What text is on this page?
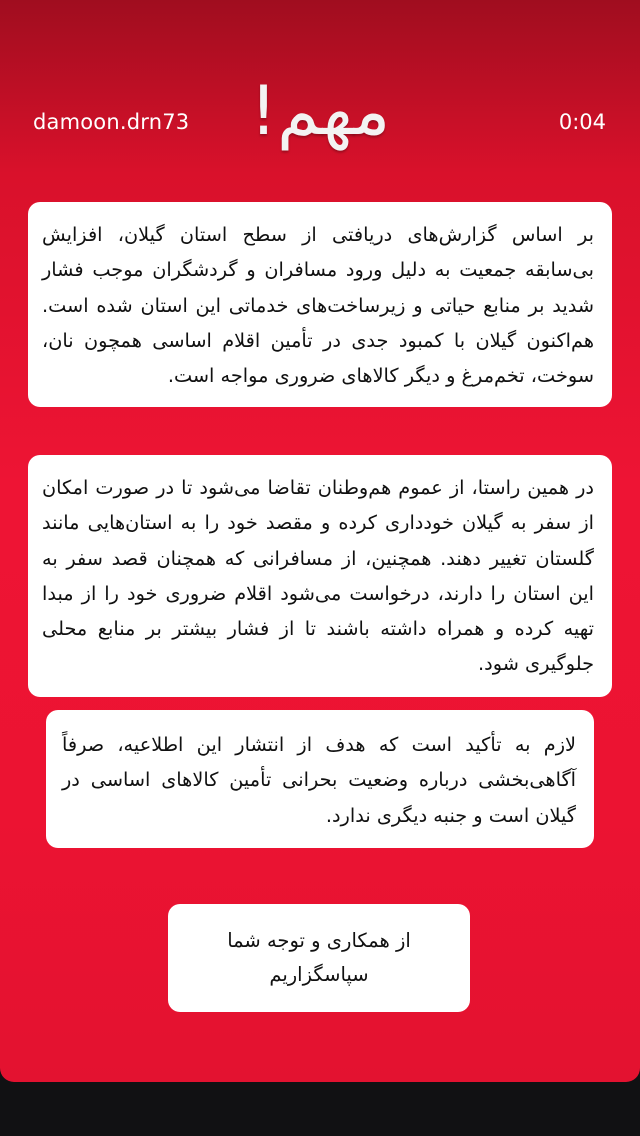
damoon.drn73	0:04
مهم!
بر اساس گزارش‌های دریافتی از سطح استان گیلان، افزایش بی‌سابقه جمعیت به دلیل ورود مسافران و گردشگران موجب فشار شدید بر منابع حیاتی و زیرساخت‌های خدماتی این استان شده است. هم‌اکنون گیلان با کمبود جدی در تأمین اقلام اساسی همچون نان، سوخت، تخم‌مرغ و دیگر کالاهای ضروری مواجه است.
در همین راستا، از عموم هم‌وطنان تقاضا می‌شود تا در صورت امکان از سفر به گیلان خودداری کرده و مقصد خود را به استان‌هایی مانند گلستان تغییر دهند. همچنین، از مسافرانی که همچنان قصد سفر به این استان را دارند، درخواست می‌شود اقلام ضروری خود را از مبدا تهیه کرده و همراه داشته باشند تا از فشار بیشتر بر منابع محلی جلوگیری شود.
لازم به تأکید است که هدف از انتشار این اطلاعیه، صرفاً آگاهی‌بخشی درباره وضعیت بحرانی تأمین کالاهای اساسی در گیلان است و جنبه دیگری ندارد.
از همکاری و توجه شما سپاسگزاریم
